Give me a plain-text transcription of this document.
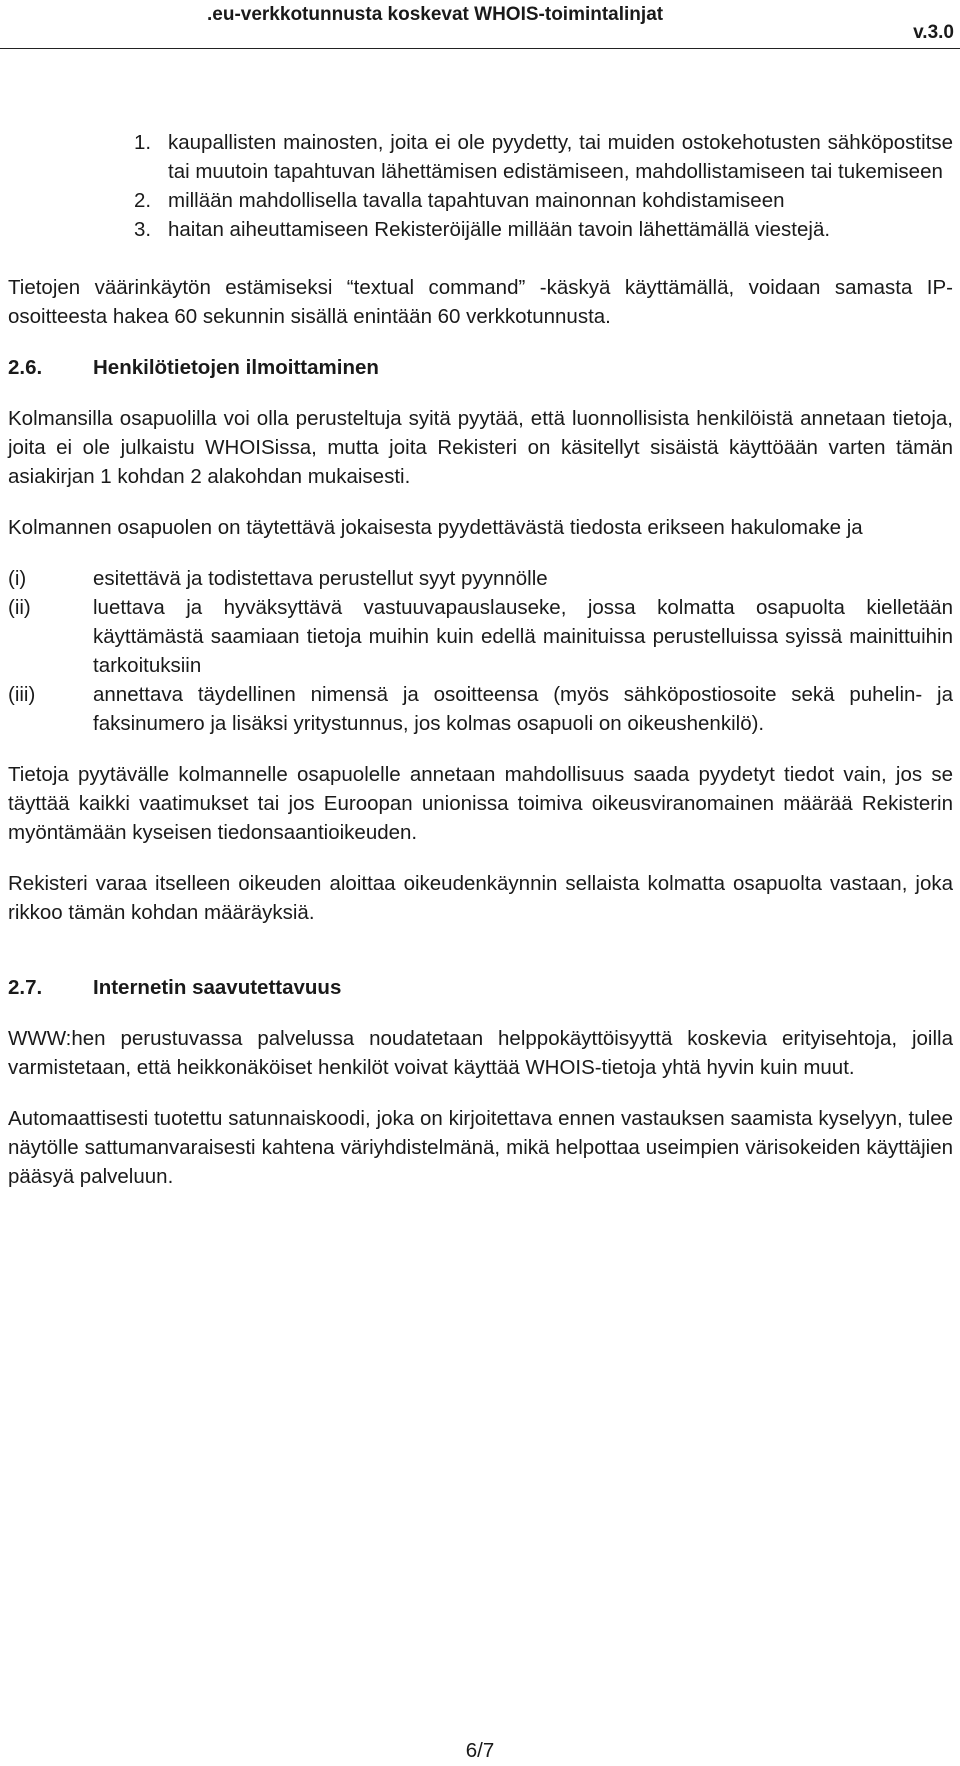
.eu-verkkotunnusta koskevat WHOIS-toimintalinjat
v.3.0
1. kaupallisten mainosten, joita ei ole pyydetty, tai muiden ostokehotusten sähköpostitse tai muutoin tapahtuvan lähettämisen edistämiseen, mahdollistamiseen tai tukemiseen

2. millään mahdollisella tavalla tapahtuvan mainonnan kohdistamiseen

3. haitan aiheuttamiseen Rekisteröijälle millään tavoin lähettämällä viestejä.

Tietojen väärinkäytön estämiseksi “textual command” -käskyä käyttämällä, voidaan samasta IP-osoitteesta hakea 60 sekunnin sisällä enintään 60 verkkotunnusta.

2.6. Henkilötietojen ilmoittaminen

Kolmansilla osapuolilla voi olla perusteltuja syitä pyytää, että luonnollisista henkilöistä annetaan tietoja, joita ei ole julkaistu WHOISissa, mutta joita Rekisteri on käsitellyt sisäistä käyttöään varten tämän asiakirjan 1 kohdan 2 alakohdan mukaisesti.

Kolmannen osapuolen on täytettävä jokaisesta pyydettävästä tiedosta erikseen hakulomake ja

(i)	esitettävä ja todistettava perustellut syyt pyynnölle

(ii)	luettava ja hyväksyttävä vastuuvapauslauseke, jossa kolmatta osapuolta kielletään käyttämästä saamiaan tietoja muihin kuin edellä mainituissa perustelluissa syissä mainittuihin tarkoituksiin

(iii)	annettava täydellinen nimensä ja osoitteensa (myös sähköpostiosoite sekä puhelin- ja faksinumero ja lisäksi yritystunnus, jos kolmas osapuoli on oikeushenkilö).

Tietoja pyytävälle kolmannelle osapuolelle annetaan mahdollisuus saada pyydetyt tiedot vain, jos se täyttää kaikki vaatimukset tai jos Euroopan unionissa toimiva oikeusviranomainen määrää Rekisterin myöntämään kyseisen tiedonsaantioikeuden.

Rekisteri varaa itselleen oikeuden aloittaa oikeudenkäynnin sellaista kolmatta osapuolta vastaan, joka rikkoo tämän kohdan määräyksiä.

2.7. Internetin saavutettavuus

WWW:hen perustuvassa palvelussa noudatetaan helppokäyttöisyyttä koskevia erityisehtoja, joilla varmistetaan, että heikkonäköiset henkilöt voivat käyttää WHOIS-tietoja yhtä hyvin kuin muut.

Automaattisesti tuotettu satunnaiskoodi, joka on kirjoitettava ennen vastauksen saamista kyselyyn, tulee näytölle sattumanvaraisesti kahtena väriyhdistelmänä, mikä helpottaa useimpien värisokeiden käyttäjien pääsyä palveluun.

6/7
